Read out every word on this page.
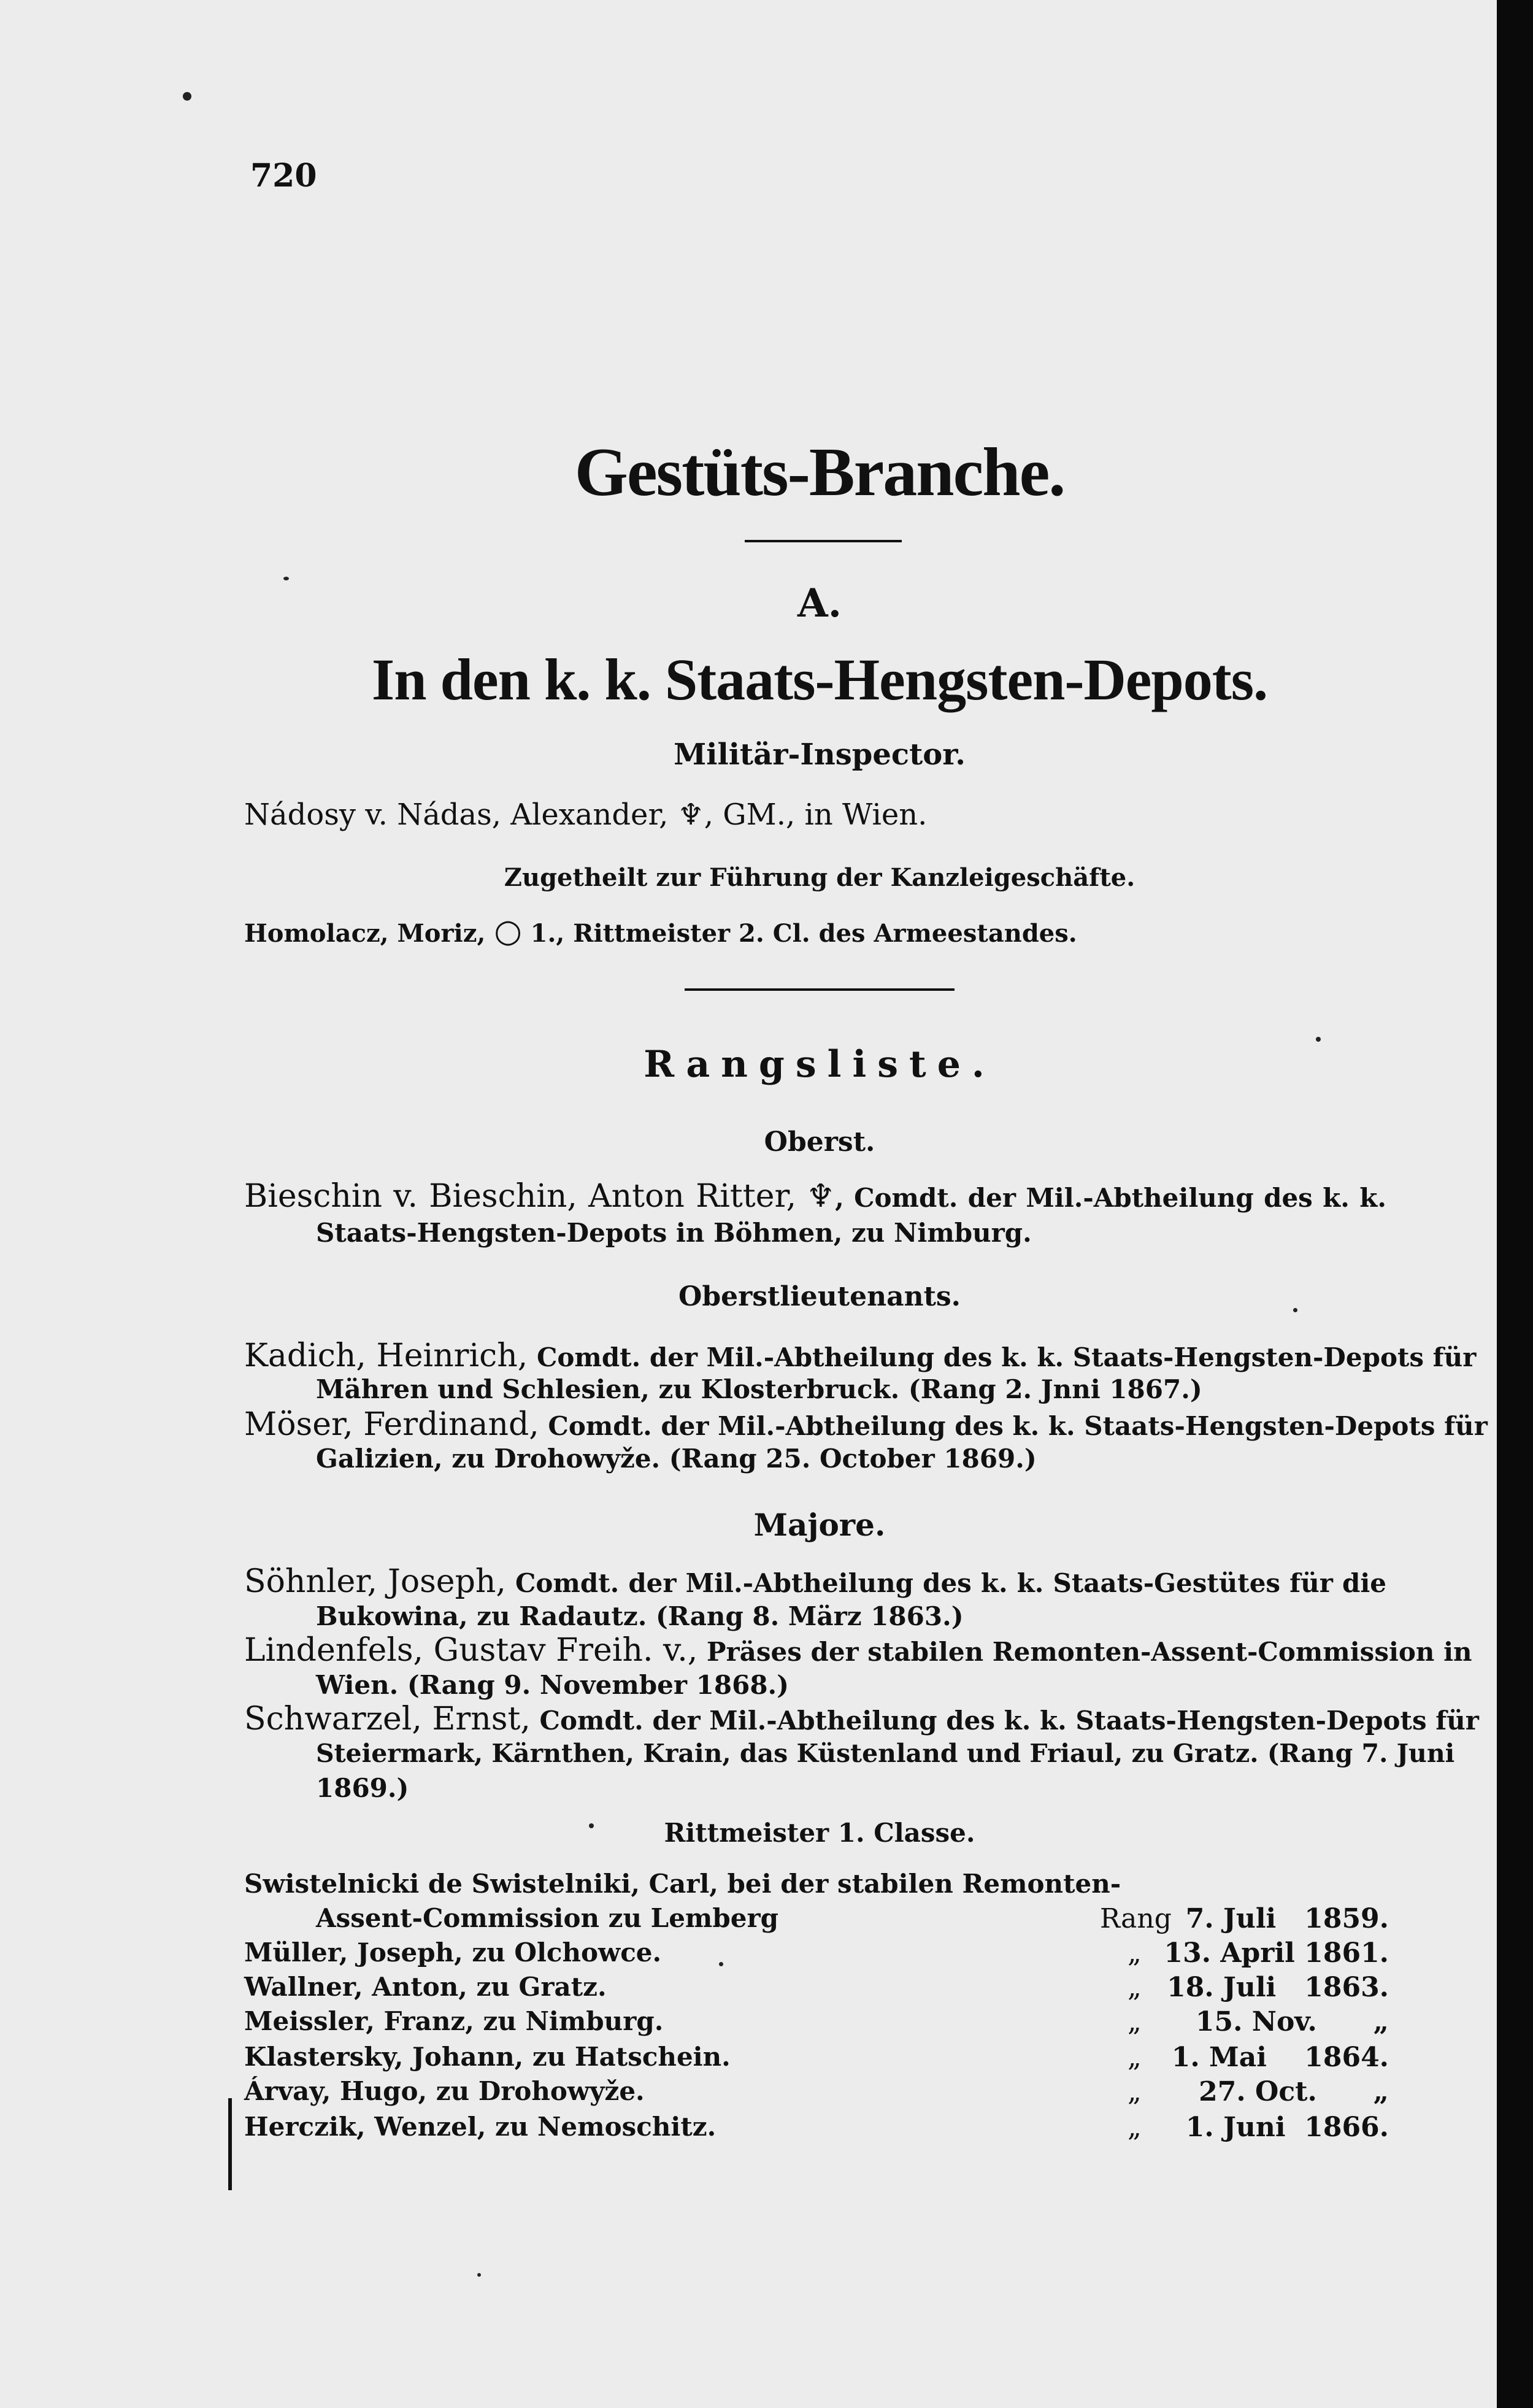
720
Gestüts-Branche.
A.
In den k. k. Staats-Hengsten-Depots.
Militär-Inspector.
Nádosy v. Nádas, Alexander, ♆, GM., in Wien.
Zugetheilt zur Führung der Kanzleigeschäfte.
Homolacz, Moriz, ○ 1., Rittmeister 2. Cl. des Armeestandes.
Rangsliste.
Oberst.
Bieschin v. Bieschin, Anton Ritter, ♆, Comdt. der Mil.-Abtheilung des k. k.
Staats-Hengsten-Depots in Böhmen, zu Nimburg.
Oberstlieutenants.
Kadich, Heinrich, Comdt. der Mil.-Abtheilung des k. k. Staats-Hengsten-Depots für
Mähren und Schlesien, zu Klosterbruck. (Rang 2. Jnni 1867.)
Möser, Ferdinand, Comdt. der Mil.-Abtheilung des k. k. Staats-Hengsten-Depots für
Galizien, zu Drohowyže. (Rang 25. October 1869.)
Majore.
Söhnler, Joseph, Comdt. der Mil.-Abtheilung des k. k. Staats-Gestütes für die
Bukowina, zu Radautz. (Rang 8. März 1863.)
Lindenfels, Gustav Freih. v., Präses der stabilen Remonten-Assent-Commission in
Wien. (Rang 9. November 1868.)
Schwarzel, Ernst, Comdt. der Mil.-Abtheilung des k. k. Staats-Hengsten-Depots für
Steiermark, Kärnthen, Krain, das Küstenland und Friaul, zu Gratz. (Rang 7. Juni
1869.)
Rittmeister 1. Classe.
Swistelnicki de Swistelniki, Carl, bei der stabilen Remonten-
Assent-Commission zu Lemberg	Rang 7. Juli   1859.
Müller, Joseph, zu Olchowce.	„ 13. April 1861.
Wallner, Anton, zu Gratz.	„ 18. Juli   1863.
Meissler, Franz, zu Nimburg.	„	15. Nov.      „
Klastersky, Johann, zu Hatschein.	„	1. Mai    1864.
Árvay, Hugo, zu Drohowyže.	„	27. Oct.      „
Herczik, Wenzel, zu Nemoschitz.	„	1. Juni  1866.
